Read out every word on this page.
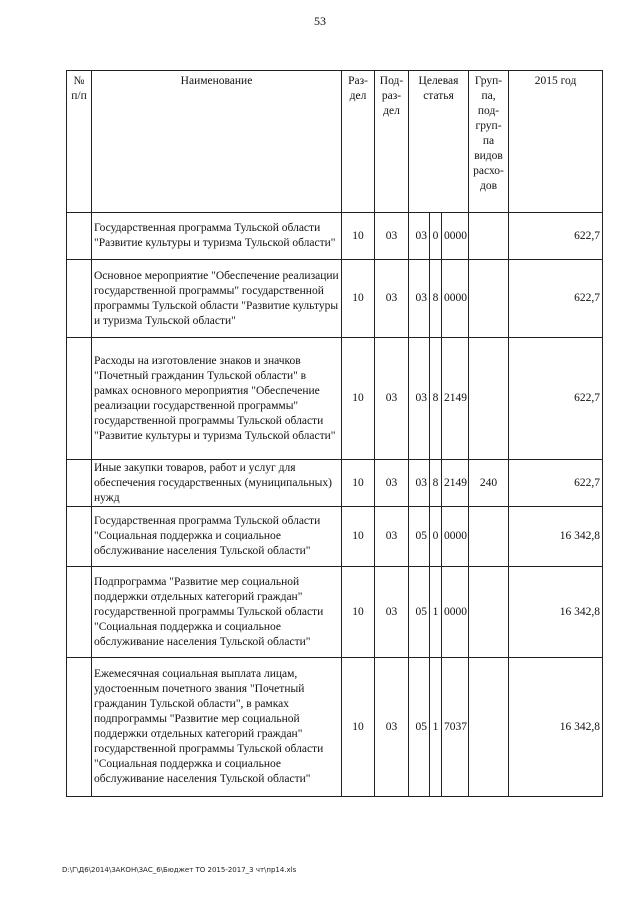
53
№ п/п	Наименование	Раз-дел	Под-раз-дел	Целевая статья			Груп-па, под-груп-па видов расхо-дов	2015 год
	Государственная программа Тульской области "Развитие культуры и туризма Тульской области"	10	03	03	0	0000		622,7
	Основное мероприятие "Обеспечение реализации государственной программы" государственной программы Тульской области "Развитие культуры и туризма Тульской области"	10	03	03	8	0000		622,7
	Расходы на изготовление знаков и значков "Почетный гражданин Тульской области" в рамках основного мероприятия "Обеспечение реализации государственной программы" государственной программы Тульской области "Развитие культуры и туризма Тульской области"	10	03	03	8	2149		622,7
	Иные закупки товаров, работ и услуг для обеспечения государственных (муниципальных) нужд	10	03	03	8	2149	240	622,7
	Государственная программа Тульской области "Социальная поддержка и социальное обслуживание населения Тульской области"	10	03	05	0	0000		16 342,8
	Подпрограмма "Развитие мер социальной поддержки отдельных категорий граждан" государственной программы Тульской области "Социальная поддержка и социальное обслуживание населения Тульской области"	10	03	05	1	0000		16 342,8
	Ежемесячная социальная выплата лицам, удостоенным почетного звания "Почетный гражданин Тульской области", в рамках подпрограммы "Развитие мер социальной поддержки отдельных категорий граждан" государственной программы Тульской области "Социальная поддержка и социальное обслуживание населения Тульской области"	10	03	05	1	7037		16 342,8
D:\Г\Д6\2014\ЗАКОН\ЗАС_6\Бюджет ТО 2015-2017_3 чт\пр14.xls
